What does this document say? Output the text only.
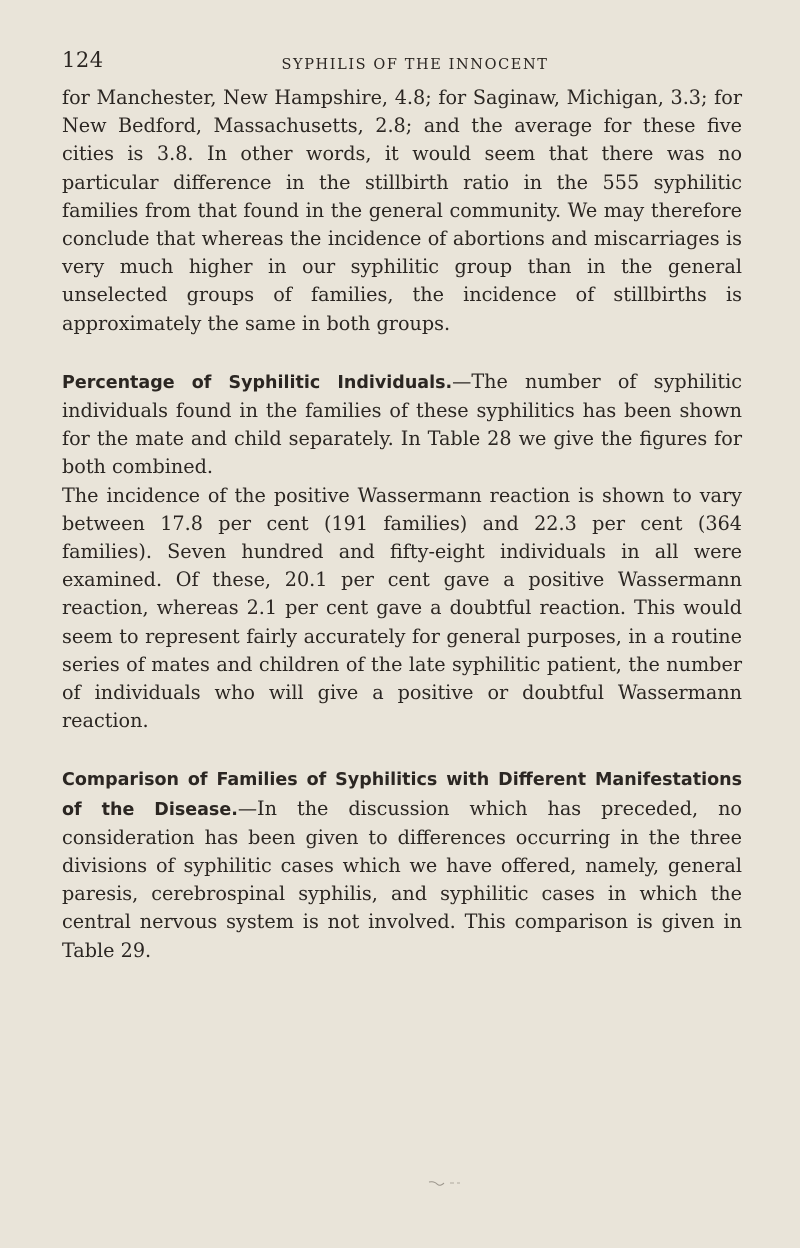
124	SYPHILIS OF THE INNOCENT

for Manchester, New Hampshire, 4.8; for Saginaw, Michigan, 3.3; for New Bedford, Massachusetts, 2.8; and the average for these five cities is 3.8. In other words, it would seem that there was no particular difference in the stillbirth ratio in the 555 syphilitic families from that found in the general community. We may therefore conclude that whereas the incidence of abortions and miscarriages is very much higher in our syphilitic group than in the general unselected groups of families, the incidence of stillbirths is approximately the same in both groups.

Percentage of Syphilitic Individuals.—The number of syphilitic individuals found in the families of these syphilitics has been shown for the mate and child separately. In Table 28 we give the figures for both combined.

The incidence of the positive Wassermann reaction is shown to vary between 17.8 per cent (191 families) and 22.3 per cent (364 families). Seven hundred and fifty-eight individuals in all were examined. Of these, 20.1 per cent gave a positive Wassermann reaction, whereas 2.1 per cent gave a doubtful reaction. This would seem to represent fairly accurately for general purposes, in a routine series of mates and children of the late syphilitic patient, the number of individuals who will give a positive or doubtful Wassermann reaction.

Comparison of Families of Syphilitics with Different Manifestations of the Disease.—In the discussion which has preceded, no consideration has been given to differences occurring in the three divisions of syphilitic cases which we have offered, namely, general paresis, cerebrospinal syphilis, and syphilitic cases in which the central nervous system is not involved. This comparison is given in Table 29.
